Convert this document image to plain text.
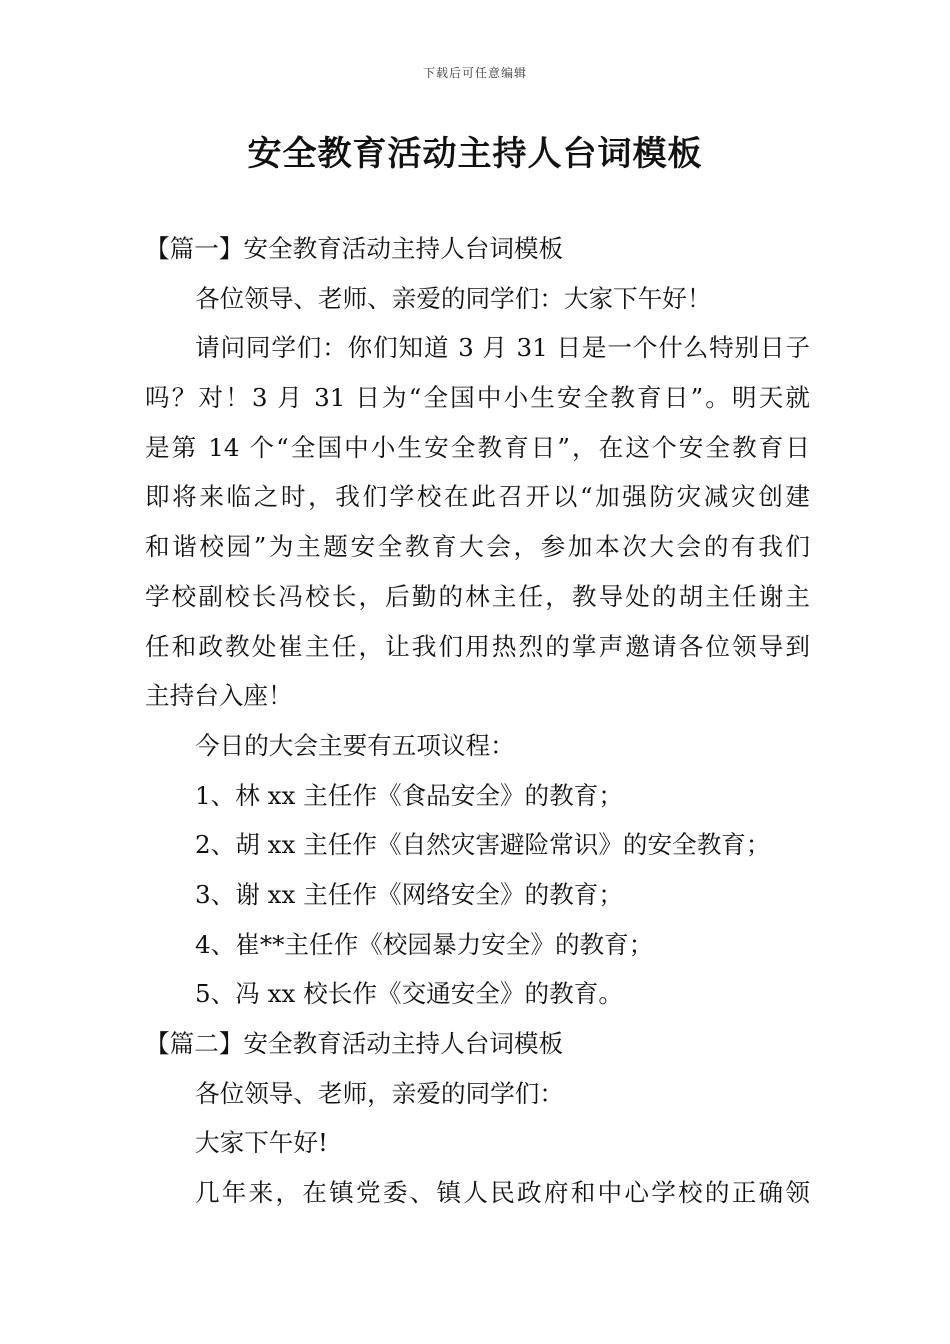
下载后可任意编辑
安全教育活动主持人台词模板
【篇一】安全教育活动主持人台词模板
各位领导、老师、亲爱的同学们：大家下午好！
请问同学们：你们知道 3 月 31 日是一个什么特别日子
吗？对！3 月 31 日为“全国中小生安全教育日”。明天就
是第 14 个“全国中小生安全教育日”，在这个安全教育日
即将来临之时，我们学校在此召开以“加强防灾减灾创建
和谐校园”为主题安全教育大会，参加本次大会的有我们
学校副校长冯校长，后勤的林主任，教导处的胡主任谢主
任和政教处崔主任，让我们用热烈的掌声邀请各位领导到
主持台入座！
今日的大会主要有五项议程：
1、林 xx 主任作《食品安全》的教育；
2、胡 xx 主任作《自然灾害避险常识》的安全教育；
3、谢 xx 主任作《网络安全》的教育；
4、崔**主任作《校园暴力安全》的教育；
5、冯 xx 校长作《交通安全》的教育。
【篇二】安全教育活动主持人台词模板
各位领导、老师，亲爱的同学们：
大家下午好!
几年来，在镇党委、镇人民政府和中心学校的正确领
